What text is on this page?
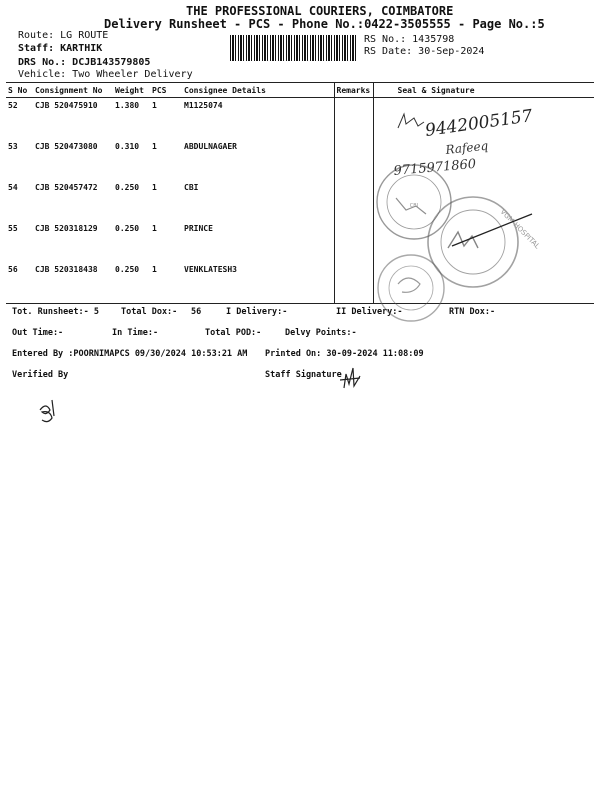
THE PROFESSIONAL COURIERS, COIMBATORE
Delivery Runsheet - PCS - Phone No.:0422-3505555 - Page No.:5
Route: LG ROUTE
Staff: KARTHIK
DRS No.: DCJB143579805
Vehicle: Two Wheeler Delivery
RS No.: 1435798
RS Date: 30-Sep-2024
S No	Consignment No	Weight	PCS	Consignee Details	Remarks	Seal & Signature
52	CJB 520475910	1.380	1	M1125074		
53	CJB 520473080	0.310	1	ABDULNAGAER		
54	CJB 520457472	0.250	1	CBI		
55	CJB 520318129	0.250	1	PRINCE		
56	CJB 520318438	0.250	1	VENKLATESH3		
Tot. Runsheet:- 5	Total Dox:- 56	I Delivery:-	II Delivery:-	RTN Dox:-
Out Time:-	In Time:-	Total POD:-	Delvy Points:-
Entered By :POORNIMAPCS 09/30/2024 10:53:21 AM Printed On: 30-09-2024 11:08:09
Verified By	Staff Signature
9442005157
Rafeeq
9715971860
CBI
VGM HOSPITAL
